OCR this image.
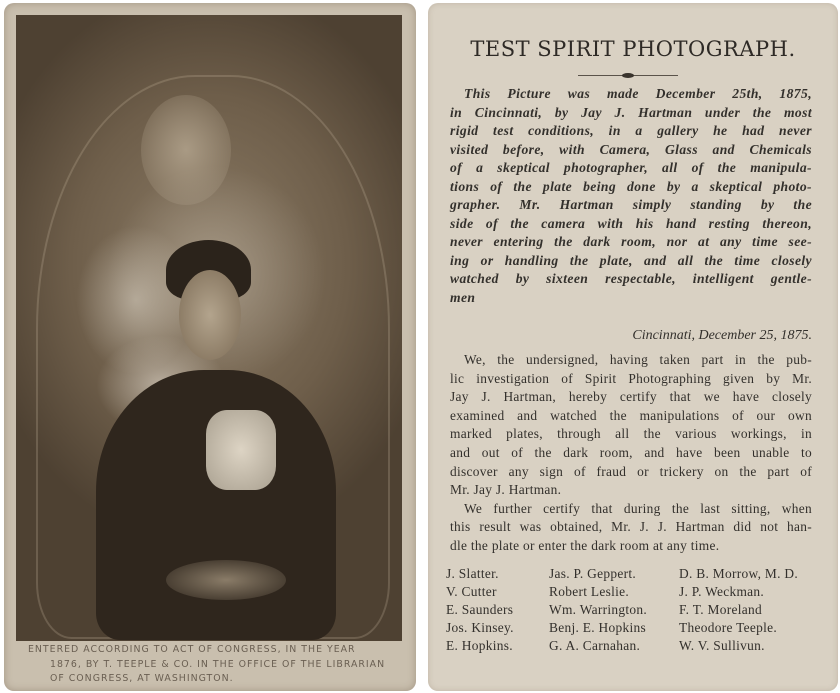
ENTERED ACCORDING TO ACT OF CONGRESS, IN THE YEAR
1876, BY T. TEEPLE & CO. IN THE OFFICE OF THE LIBRARIAN
OF CONGRESS, AT WASHINGTON.
TEST SPIRIT PHOTOGRAPH.
This Picture was made December 25th, 1875,
in Cincinnati, by Jay J. Hartman under the most
rigid test conditions, in a gallery he had never
visited before, with Camera, Glass and Chemicals
of a skeptical photographer, all of the manipula-
tions of the plate being done by a skeptical photo-
grapher. Mr. Hartman simply standing by the
side of the camera with his hand resting thereon,
never entering the dark room, nor at any time see-
ing or handling the plate, and all the time closely
watched by sixteen respectable, intelligent gentle-
men
Cincinnati, December 25, 1875.
We, the undersigned, having taken part in the pub-
lic investigation of Spirit Photographing given by Mr.
Jay J. Hartman, hereby certify that we have closely
examined and watched the manipulations of our own
marked plates, through all the various workings, in
and out of the dark room, and have been unable to
discover any sign of fraud or trickery on the part of
Mr. Jay J. Hartman.
We further certify that during the last sitting, when
this result was obtained, Mr. J. J. Hartman did not han-
dle the plate or enter the dark room at any time.
J. Slatter.	Jas. P. Geppert.	D. B. Morrow, M. D.
V. Cutter	Robert Leslie.	J. P. Weckman.
E. Saunders	Wm. Warrington.	F. T. Moreland
Jos. Kinsey.	Benj. E. Hopkins	Theodore Teeple.
E. Hopkins.	G. A. Carnahan.	W. V. Sullivun.
